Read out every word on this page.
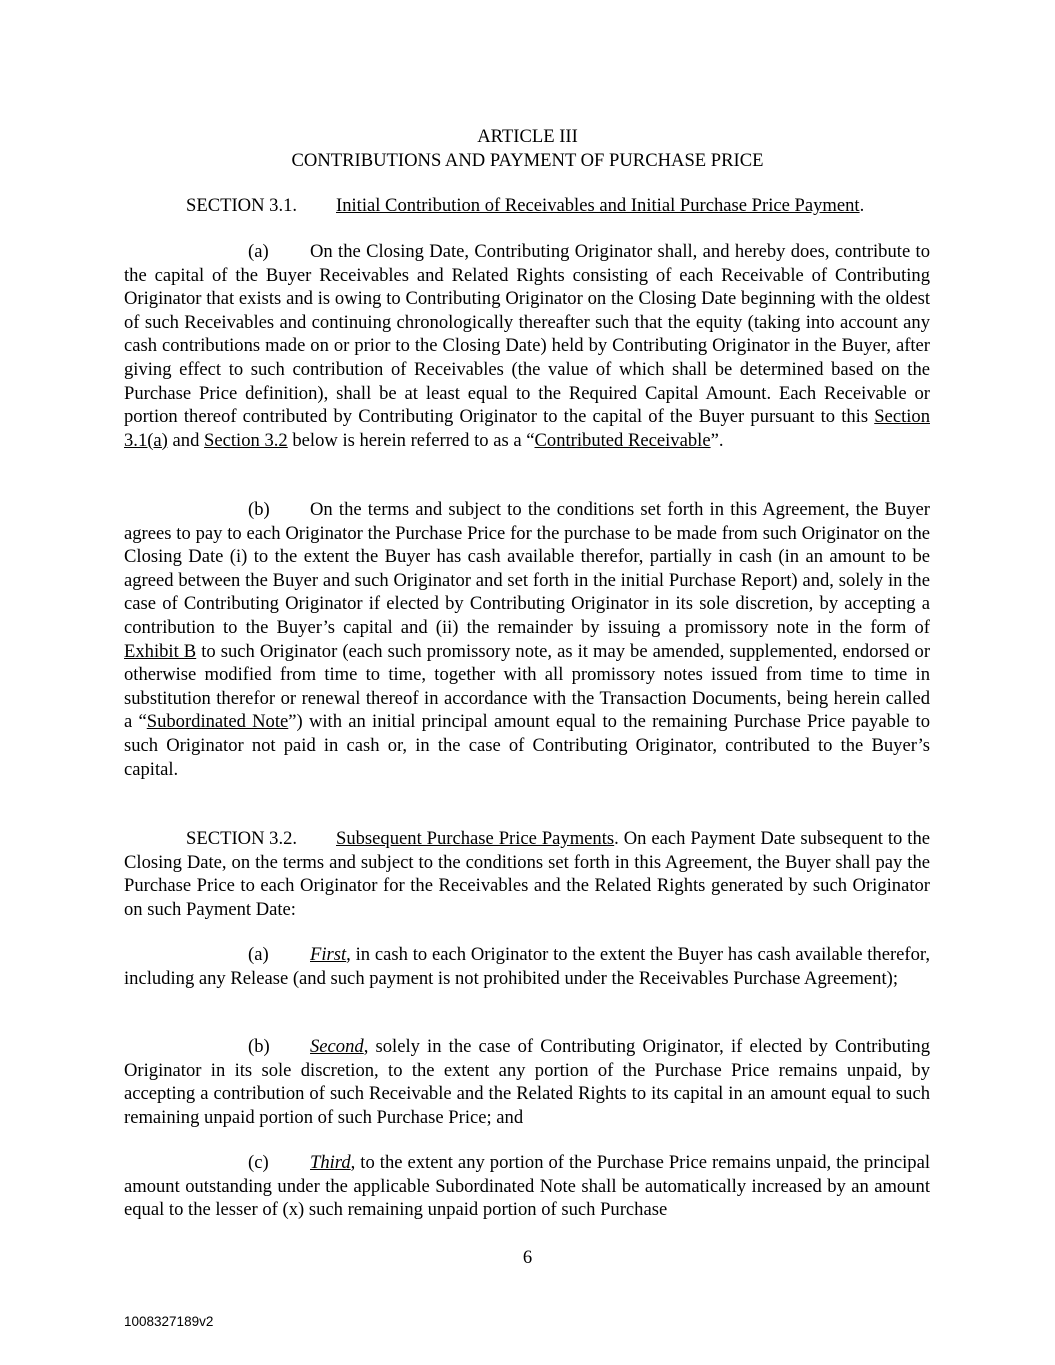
ARTICLE III
CONTRIBUTIONS AND PAYMENT OF PURCHASE PRICE
SECTION 3.1. Initial Contribution of Receivables and Initial Purchase Price Payment.
(a) On the Closing Date, Contributing Originator shall, and hereby does, contribute to the capital of the Buyer Receivables and Related Rights consisting of each Receivable of Contributing Originator that exists and is owing to Contributing Originator on the Closing Date beginning with the oldest of such Receivables and continuing chronologically thereafter such that the equity (taking into account any cash contributions made on or prior to the Closing Date) held by Contributing Originator in the Buyer, after giving effect to such contribution of Receivables (the value of which shall be determined based on the Purchase Price definition), shall be at least equal to the Required Capital Amount. Each Receivable or portion thereof contributed by Contributing Originator to the capital of the Buyer pursuant to this Section 3.1(a) and Section 3.2 below is herein referred to as a “Contributed Receivable”.
(b) On the terms and subject to the conditions set forth in this Agreement, the Buyer agrees to pay to each Originator the Purchase Price for the purchase to be made from such Originator on the Closing Date (i) to the extent the Buyer has cash available therefor, partially in cash (in an amount to be agreed between the Buyer and such Originator and set forth in the initial Purchase Report) and, solely in the case of Contributing Originator if elected by Contributing Originator in its sole discretion, by accepting a contribution to the Buyer’s capital and (ii) the remainder by issuing a promissory note in the form of Exhibit B to such Originator (each such promissory note, as it may be amended, supplemented, endorsed or otherwise modified from time to time, together with all promissory notes issued from time to time in substitution therefor or renewal thereof in accordance with the Transaction Documents, being herein called a “Subordinated Note”) with an initial principal amount equal to the remaining Purchase Price payable to such Originator not paid in cash or, in the case of Contributing Originator, contributed to the Buyer’s capital.
SECTION 3.2. Subsequent Purchase Price Payments. On each Payment Date subsequent to the Closing Date, on the terms and subject to the conditions set forth in this Agreement, the Buyer shall pay the Purchase Price to each Originator for the Receivables and the Related Rights generated by such Originator on such Payment Date:
(a) First, in cash to each Originator to the extent the Buyer has cash available therefor, including any Release (and such payment is not prohibited under the Receivables Purchase Agreement);
(b) Second, solely in the case of Contributing Originator, if elected by Contributing Originator in its sole discretion, to the extent any portion of the Purchase Price remains unpaid, by accepting a contribution of such Receivable and the Related Rights to its capital in an amount equal to such remaining unpaid portion of such Purchase Price; and
(c) Third, to the extent any portion of the Purchase Price remains unpaid, the principal amount outstanding under the applicable Subordinated Note shall be automatically increased by an amount equal to the lesser of (x) such remaining unpaid portion of such Purchase
6
1008327189v2
